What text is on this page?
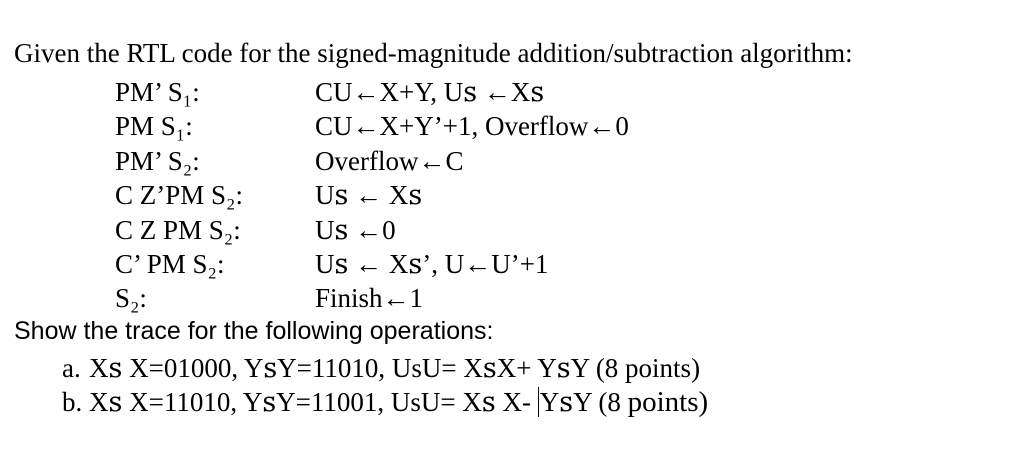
Given the RTL code for the signed-magnitude addition/subtraction algorithm:
PM’ S₁:	CU←X+Y, Uꜱ ←Xꜱ
PM S₁:	CU←X+Y’+1, Overflow←0
PM’ S₂:	Overflow←C
C Z’PM S₂:	Uꜱ ← Xꜱ
C Z PM S₂:	Uꜱ ←0
C’ PM S₂:	Uꜱ ← Xꜱ’, U←U’+1
S₂:	Finish←1
Show the trace for the following operations:
a. Xꜱ X=01000, YꜱY=11010, UsU= XꜱX+ YꜱY (8 points)
b. Xꜱ X=11010, YꜱY=11001, UsU= Xꜱ X- YꜱY (8 points)
